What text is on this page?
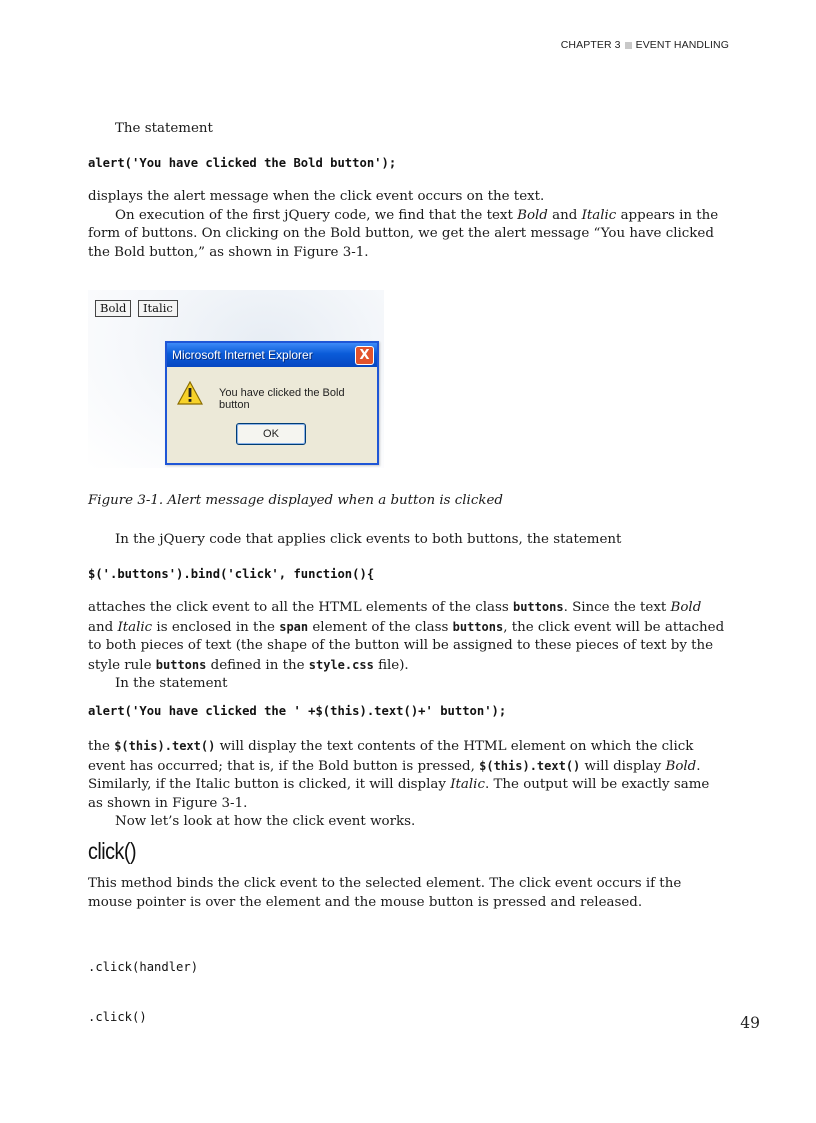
CHAPTER 3 EVENT HANDLING

The statement

alert('You have clicked the Bold button');

displays the alert message when the click event occurs on the text.

On execution of the first jQuery code, we find that the text Bold and Italic appears in the form of buttons. On clicking on the Bold button, we get the alert message “You have clicked the Bold button,” as shown in Figure 3-1.

Bold	Italic
Microsoft Internet Explorer	X
You have clicked the Bold button
OK
Figure 3-1. Alert message displayed when a button is clicked

In the jQuery code that applies click events to both buttons, the statement

$('.buttons').bind('click', function(){

attaches the click event to all the HTML elements of the class buttons. Since the text Bold and Italic is enclosed in the span element of the class buttons, the click event will be attached to both pieces of text (the shape of the button will be assigned to these pieces of text by the style rule buttons defined in the style.css file).

In the statement

alert('You have clicked the ' +$(this).text()+' button');

the $(this).text() will display the text contents of the HTML element on which the click event has occurred; that is, if the Bold button is pressed, $(this).text() will display Bold. Similarly, if the Italic button is clicked, it will display Italic. The output will be exactly same as shown in Figure 3-1.

Now let’s look at how the click event works.

click()

This method binds the click event to the selected element. The click event occurs if the mouse pointer is over the element and the mouse button is pressed and released.

.click(handler)

.click()

	49
